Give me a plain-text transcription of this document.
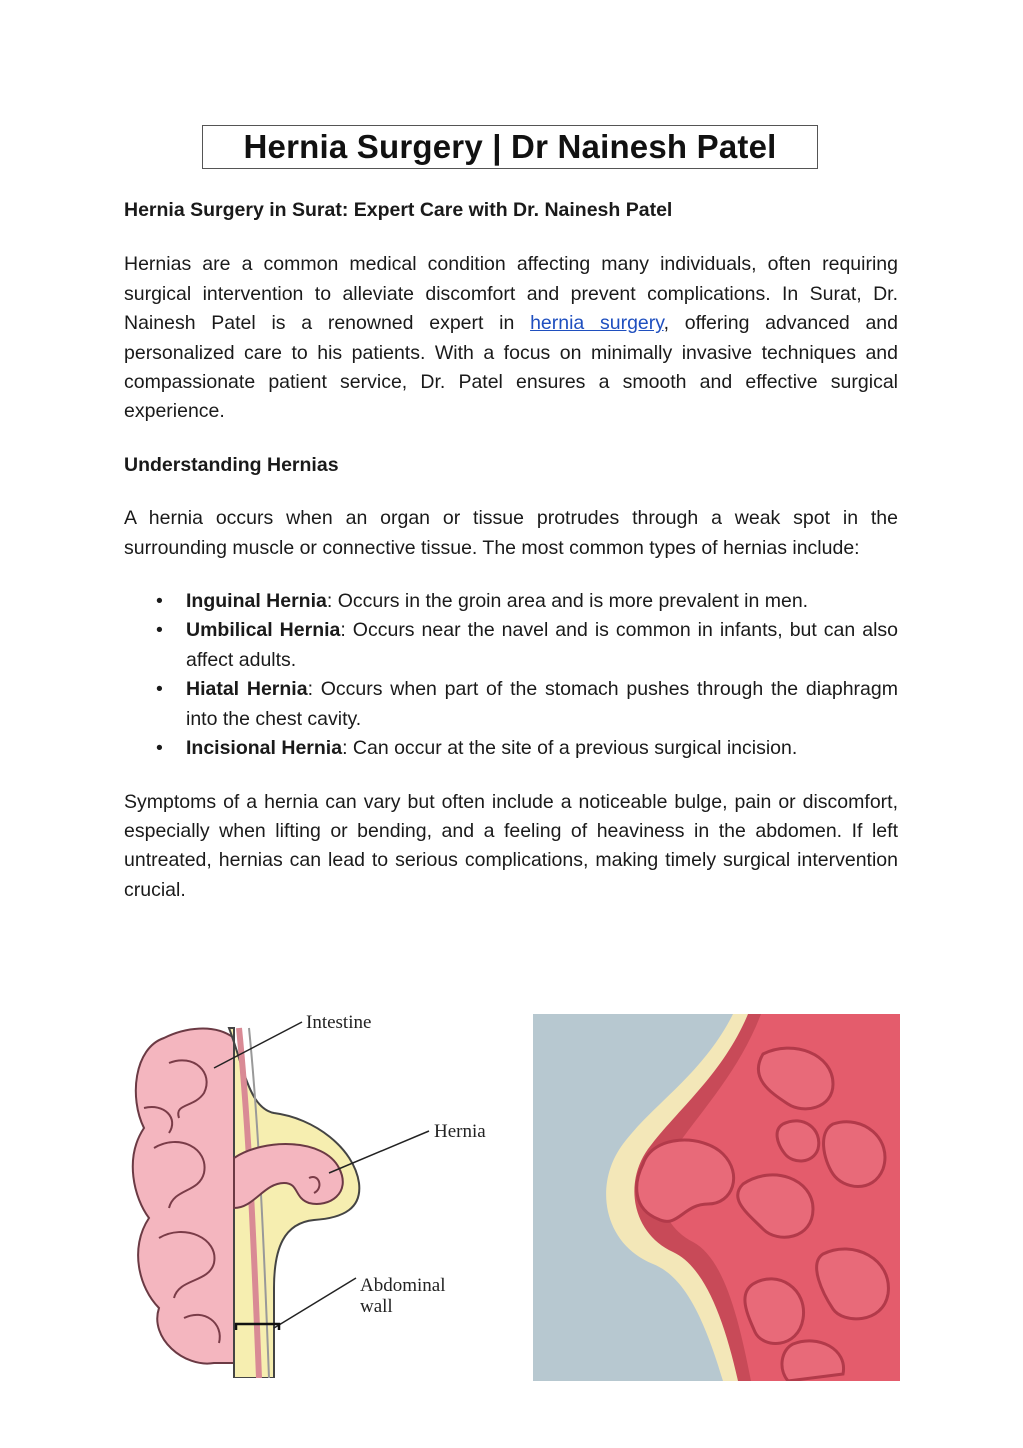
Hernia Surgery | Dr Nainesh Patel

Hernia Surgery in Surat: Expert Care with Dr. Nainesh Patel

Hernias are a common medical condition affecting many individuals, often requiring surgical intervention to alleviate discomfort and prevent complications. In Surat, Dr. Nainesh Patel is a renowned expert in hernia surgery, offering advanced and personalized care to his patients. With a focus on minimally invasive techniques and compassionate patient service, Dr. Patel ensures a smooth and effective surgical experience.

Understanding Hernias

A hernia occurs when an organ or tissue protrudes through a weak spot in the surrounding muscle or connective tissue. The most common types of hernias include:

• Inguinal Hernia: Occurs in the groin area and is more prevalent in men.
• Umbilical Hernia: Occurs near the navel and is common in infants, but can also affect adults.
• Hiatal Hernia: Occurs when part of the stomach pushes through the diaphragm into the chest cavity.
• Incisional Hernia: Can occur at the site of a previous surgical incision.

Symptoms of a hernia can vary but often include a noticeable bulge, pain or discomfort, especially when lifting or bending, and a feeling of heaviness in the abdomen. If left untreated, hernias can lead to serious complications, making timely surgical intervention crucial.

Intestine
Hernia
Abdominal
wall
